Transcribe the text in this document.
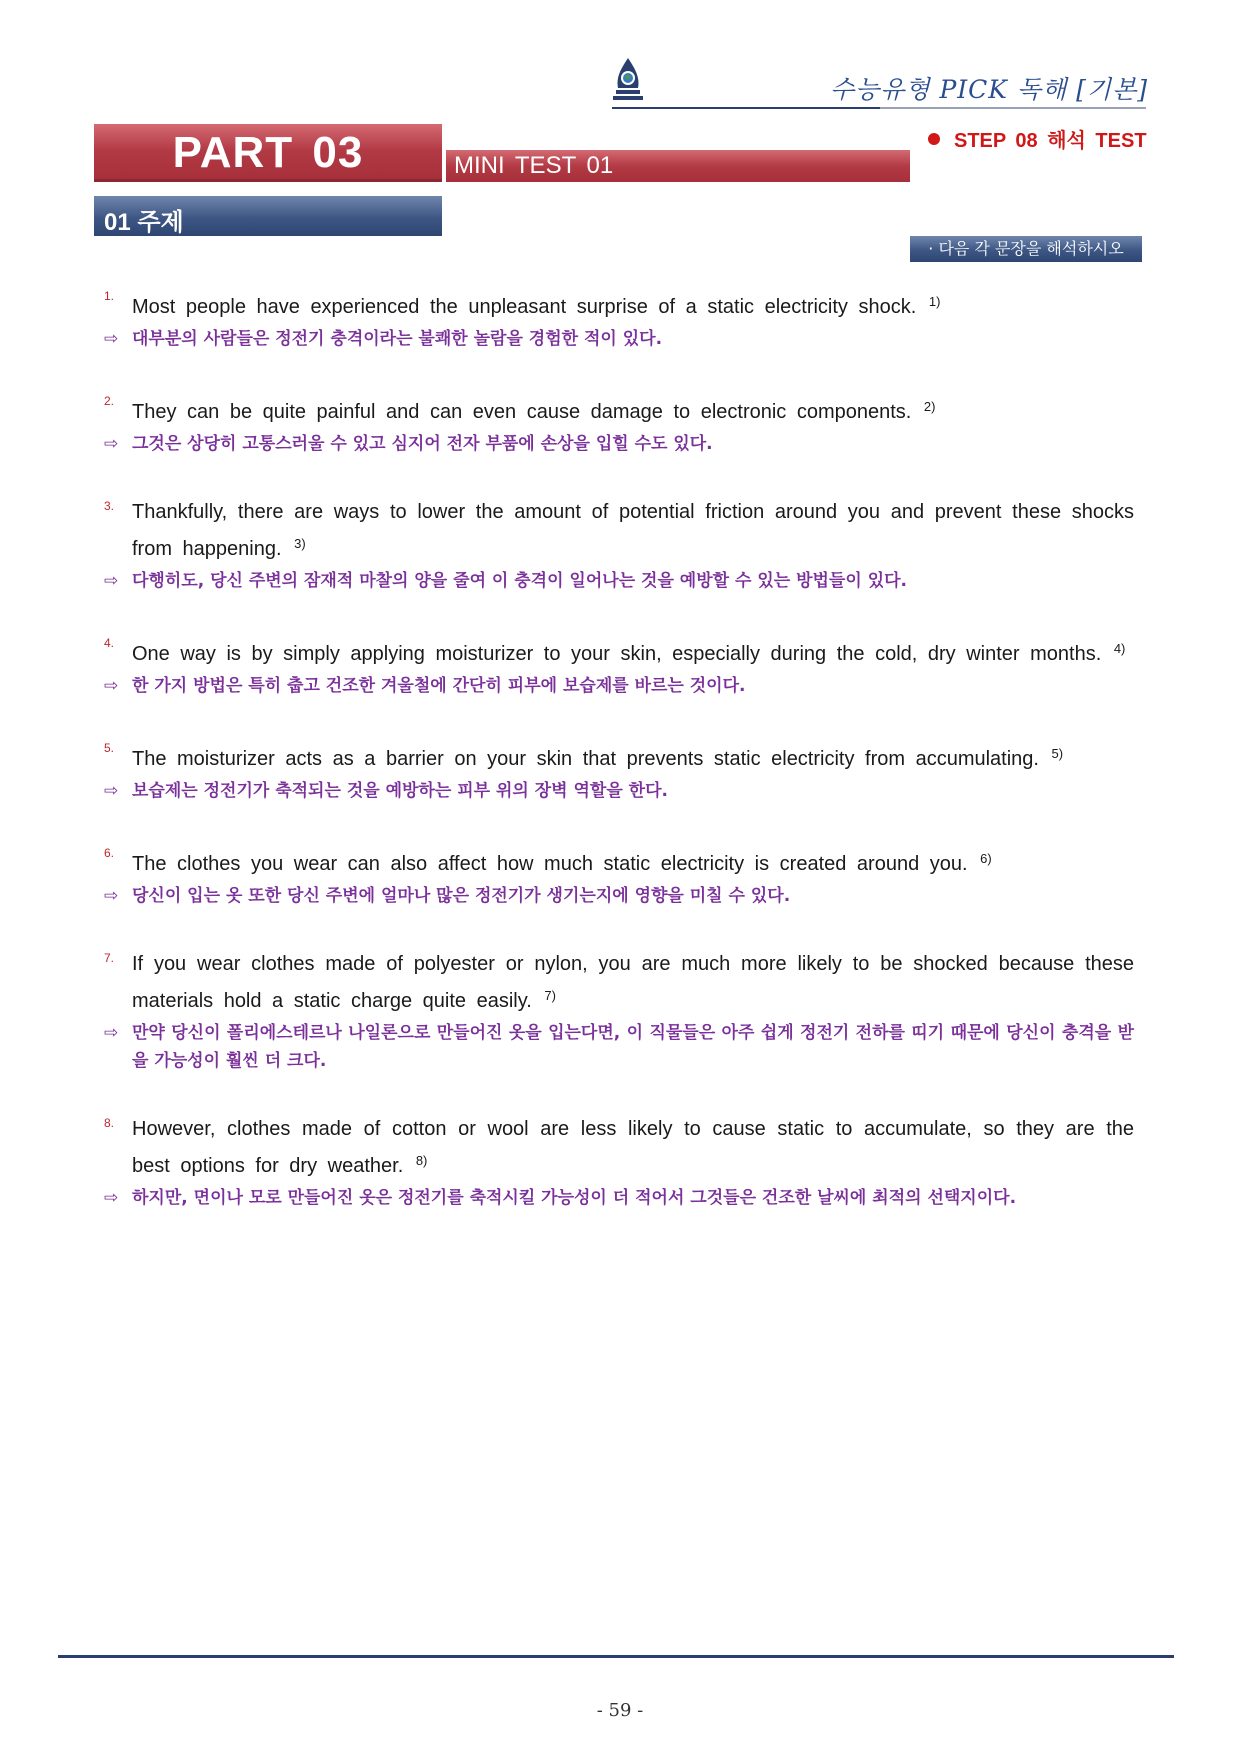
수능유형 PICK 독해 [기본]
PART 03	MINI TEST 01
STEP 08 해석 TEST
01 주제
· 다음 각 문장을 해석하시오
1. Most people have experienced the unpleasant surprise of a static electricity shock. $^{1)}$
⇨ 대부분의 사람들은 정전기 충격이라는 불쾌한 놀람을 경험한 적이 있다.
2. They can be quite painful and can even cause damage to electronic components. $^{2)}$
⇨ 그것은 상당히 고통스러울 수 있고 심지어 전자 부품에 손상을 입힐 수도 있다.
3. Thankfully, there are ways to lower the amount of potential friction around you and prevent these shocks from happening. $^{3)}$
⇨ 다행히도, 당신 주변의 잠재적 마찰의 양을 줄여 이 충격이 일어나는 것을 예방할 수 있는 방법들이 있다.
4. One way is by simply applying moisturizer to your skin, especially during the cold, dry winter months. $^{4)}$
⇨ 한 가지 방법은 특히 춥고 건조한 겨울철에 간단히 피부에 보습제를 바르는 것이다.
5. The moisturizer acts as a barrier on your skin that prevents static electricity from accumulating. $^{5)}$
⇨ 보습제는 정전기가 축적되는 것을 예방하는 피부 위의 장벽 역할을 한다.
6. The clothes you wear can also affect how much static electricity is created around you. $^{6)}$
⇨ 당신이 입는 옷 또한 당신 주변에 얼마나 많은 정전기가 생기는지에 영향을 미칠 수 있다.
7. If you wear clothes made of polyester or nylon, you are much more likely to be shocked because these materials hold a static charge quite easily. $^{7)}$
⇨ 만약 당신이 폴리에스테르나 나일론으로 만들어진 옷을 입는다면, 이 직물들은 아주 쉽게 정전기 전하를 띠기 때문에 당신이 충격을 받을 가능성이 훨씬 더 크다.
8. However, clothes made of cotton or wool are less likely to cause static to accumulate, so they are the best options for dry weather. $^{8)}$
⇨ 하지만, 면이나 모로 만들어진 옷은 정전기를 축적시킬 가능성이 더 적어서 그것들은 건조한 날씨에 최적의 선택지이다.
- 59 -
